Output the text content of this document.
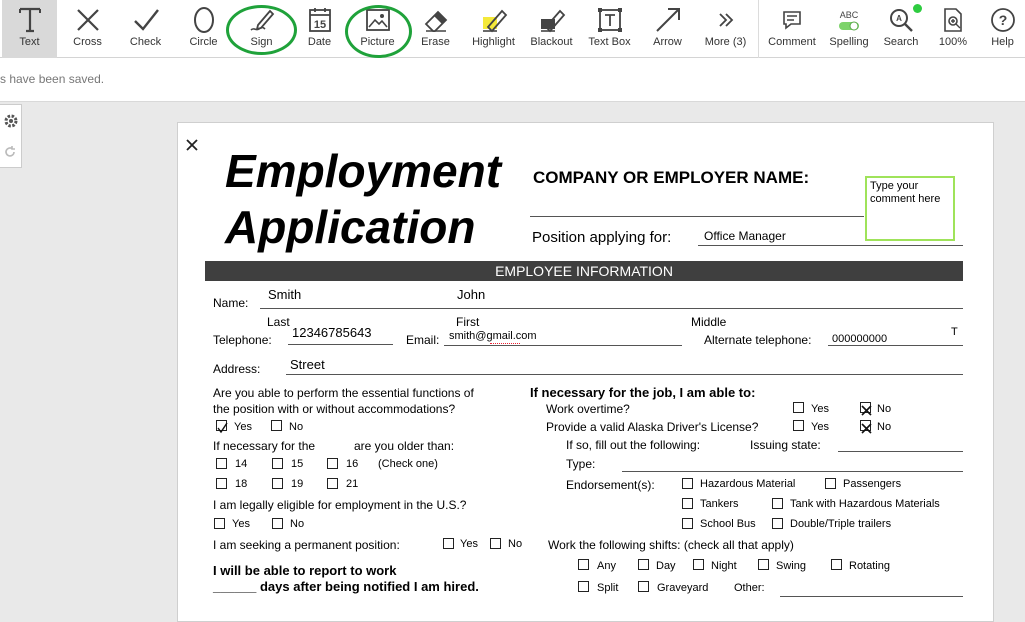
Text	Cross	Check	Circle	Sign
15
Date	Picture Erase Highlight Blackout Text Box Arrow More (3) Comment
ABC
Spelling
A
Search 100%
?
Help
s have been saved.
Employment
Application
COMPANY OR EMPLOYER NAME:	Type your comment here
Position applying for:	Office Manager
EMPLOYEE INFORMATION
Name:
Smith	John
Last	First	Middle
Telephone: 12346785643	Email: smith@gmail.com	Alternate telephone: 000000000
T
Address: Street
Are you able to perform the essential functions of
the position with or without accommodations?
Yes	No
If necessary for the	are you older than:
14	15	16 (Check one)
18	19	21
I am legally eligible for employment in the U.S.?
Yes	No
I am seeking a permanent position:	Yes	No
I will be able to report to work
______ days after being notified I am hired.
If necessary for the job, I am able to:
Work overtime?	Yes	No
Provide a valid Alaska Driver's License?	Yes	No
If so, fill out the following:	Issuing state:
Type:
Endorsement(s):	Hazardous Material	Passengers
Tankers	Tank with Hazardous Materials
School Bus	Double/Triple trailers
Work the following shifts: (check all that apply)
Any	Day	Night	Swing	Rotating
Split	Graveyard Other:
